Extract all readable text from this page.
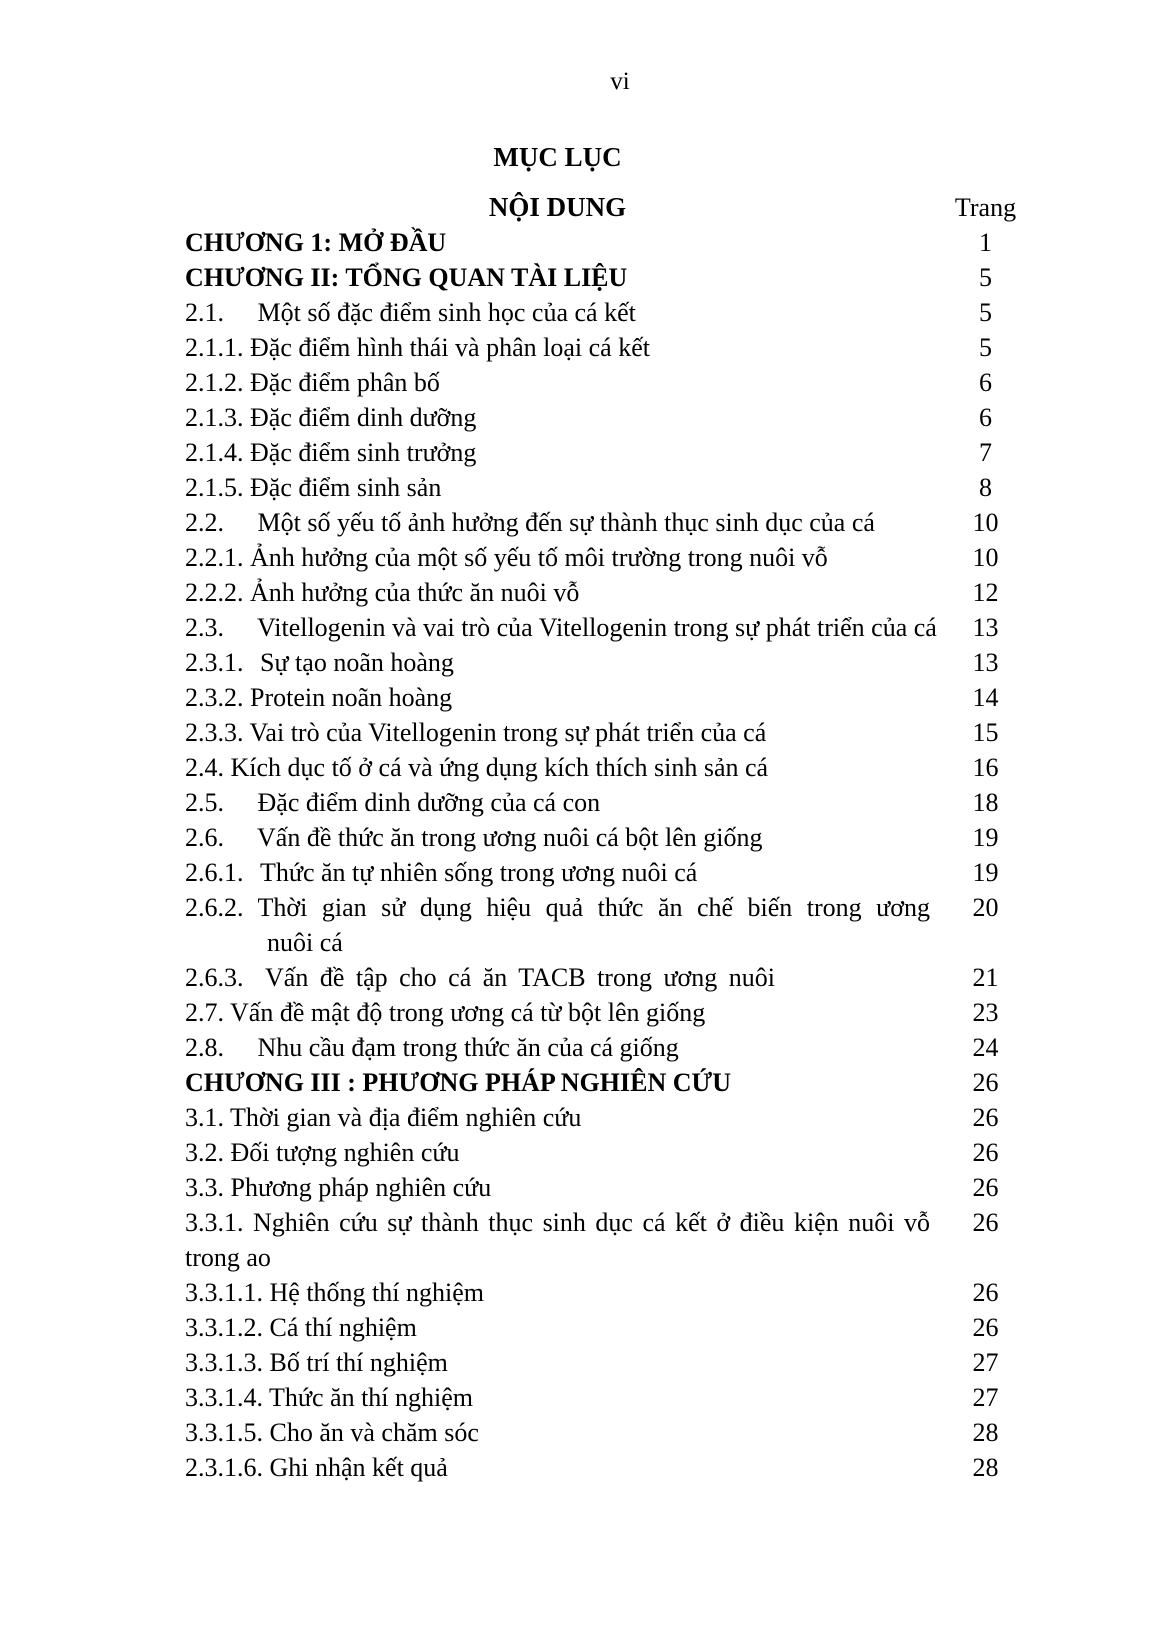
vi
MỤC LỤC
NỘI DUNG	Trang
CHƯƠNG 1: MỞ ĐẦU	1
CHƯƠNG II: TỔNG QUAN TÀI LIỆU	5
2.1. Một số đặc điểm sinh học của cá kết	5
2.1.1. Đặc điểm hình thái và phân loại cá kết	5
2.1.2. Đặc điểm phân bố	6
2.1.3. Đặc điểm dinh dưỡng	6
2.1.4. Đặc điểm sinh trưởng	7
2.1.5. Đặc điểm sinh sản	8
2.2. Một số yếu tố ảnh hưởng đến sự thành thục sinh dục của cá	10
2.2.1. Ảnh hưởng của một số yếu tố môi trường trong nuôi vỗ	10
2.2.2. Ảnh hưởng của thức ăn nuôi vỗ	12
2.3. Vitellogenin và vai trò của Vitellogenin trong sự phát triển của cá	13
2.3.1. Sự tạo noãn hoàng	13
2.3.2. Protein noãn hoàng	14
2.3.3. Vai trò của Vitellogenin trong sự phát triển của cá	15
2.4. Kích dục tố ở cá và ứng dụng kích thích sinh sản cá	16
2.5. Đặc điểm dinh dưỡng của cá con	18
2.6. Vấn đề thức ăn trong ương nuôi cá bột lên giống	19
2.6.1. Thức ăn tự nhiên sống trong ương nuôi cá	19
2.6.2. Thời gian sử dụng hiệu quả thức ăn chế biến trong ương	20
nuôi cá
2.6.3. Vấn đề tập cho cá ăn TACB trong ương nuôi	21
2.7. Vấn đề mật độ trong ương cá từ bột lên giống	23
2.8. Nhu cầu đạm trong thức ăn của cá giống	24
CHƯƠNG III : PHƯƠNG PHÁP NGHIÊN CỨU	26
3.1. Thời gian và địa điểm nghiên cứu	26
3.2. Đối tượng nghiên cứu	26
3.3. Phương pháp nghiên cứu	26
3.3.1. Nghiên cứu sự thành thục sinh dục cá kết ở điều kiện nuôi vỗ	26
trong ao
3.3.1.1. Hệ thống thí nghiệm	26
3.3.1.2. Cá thí nghiệm	26
3.3.1.3. Bố trí thí nghiệm	27
3.3.1.4. Thức ăn thí nghiệm	27
3.3.1.5. Cho ăn và chăm sóc	28
2.3.1.6. Ghi nhận kết quả	28
